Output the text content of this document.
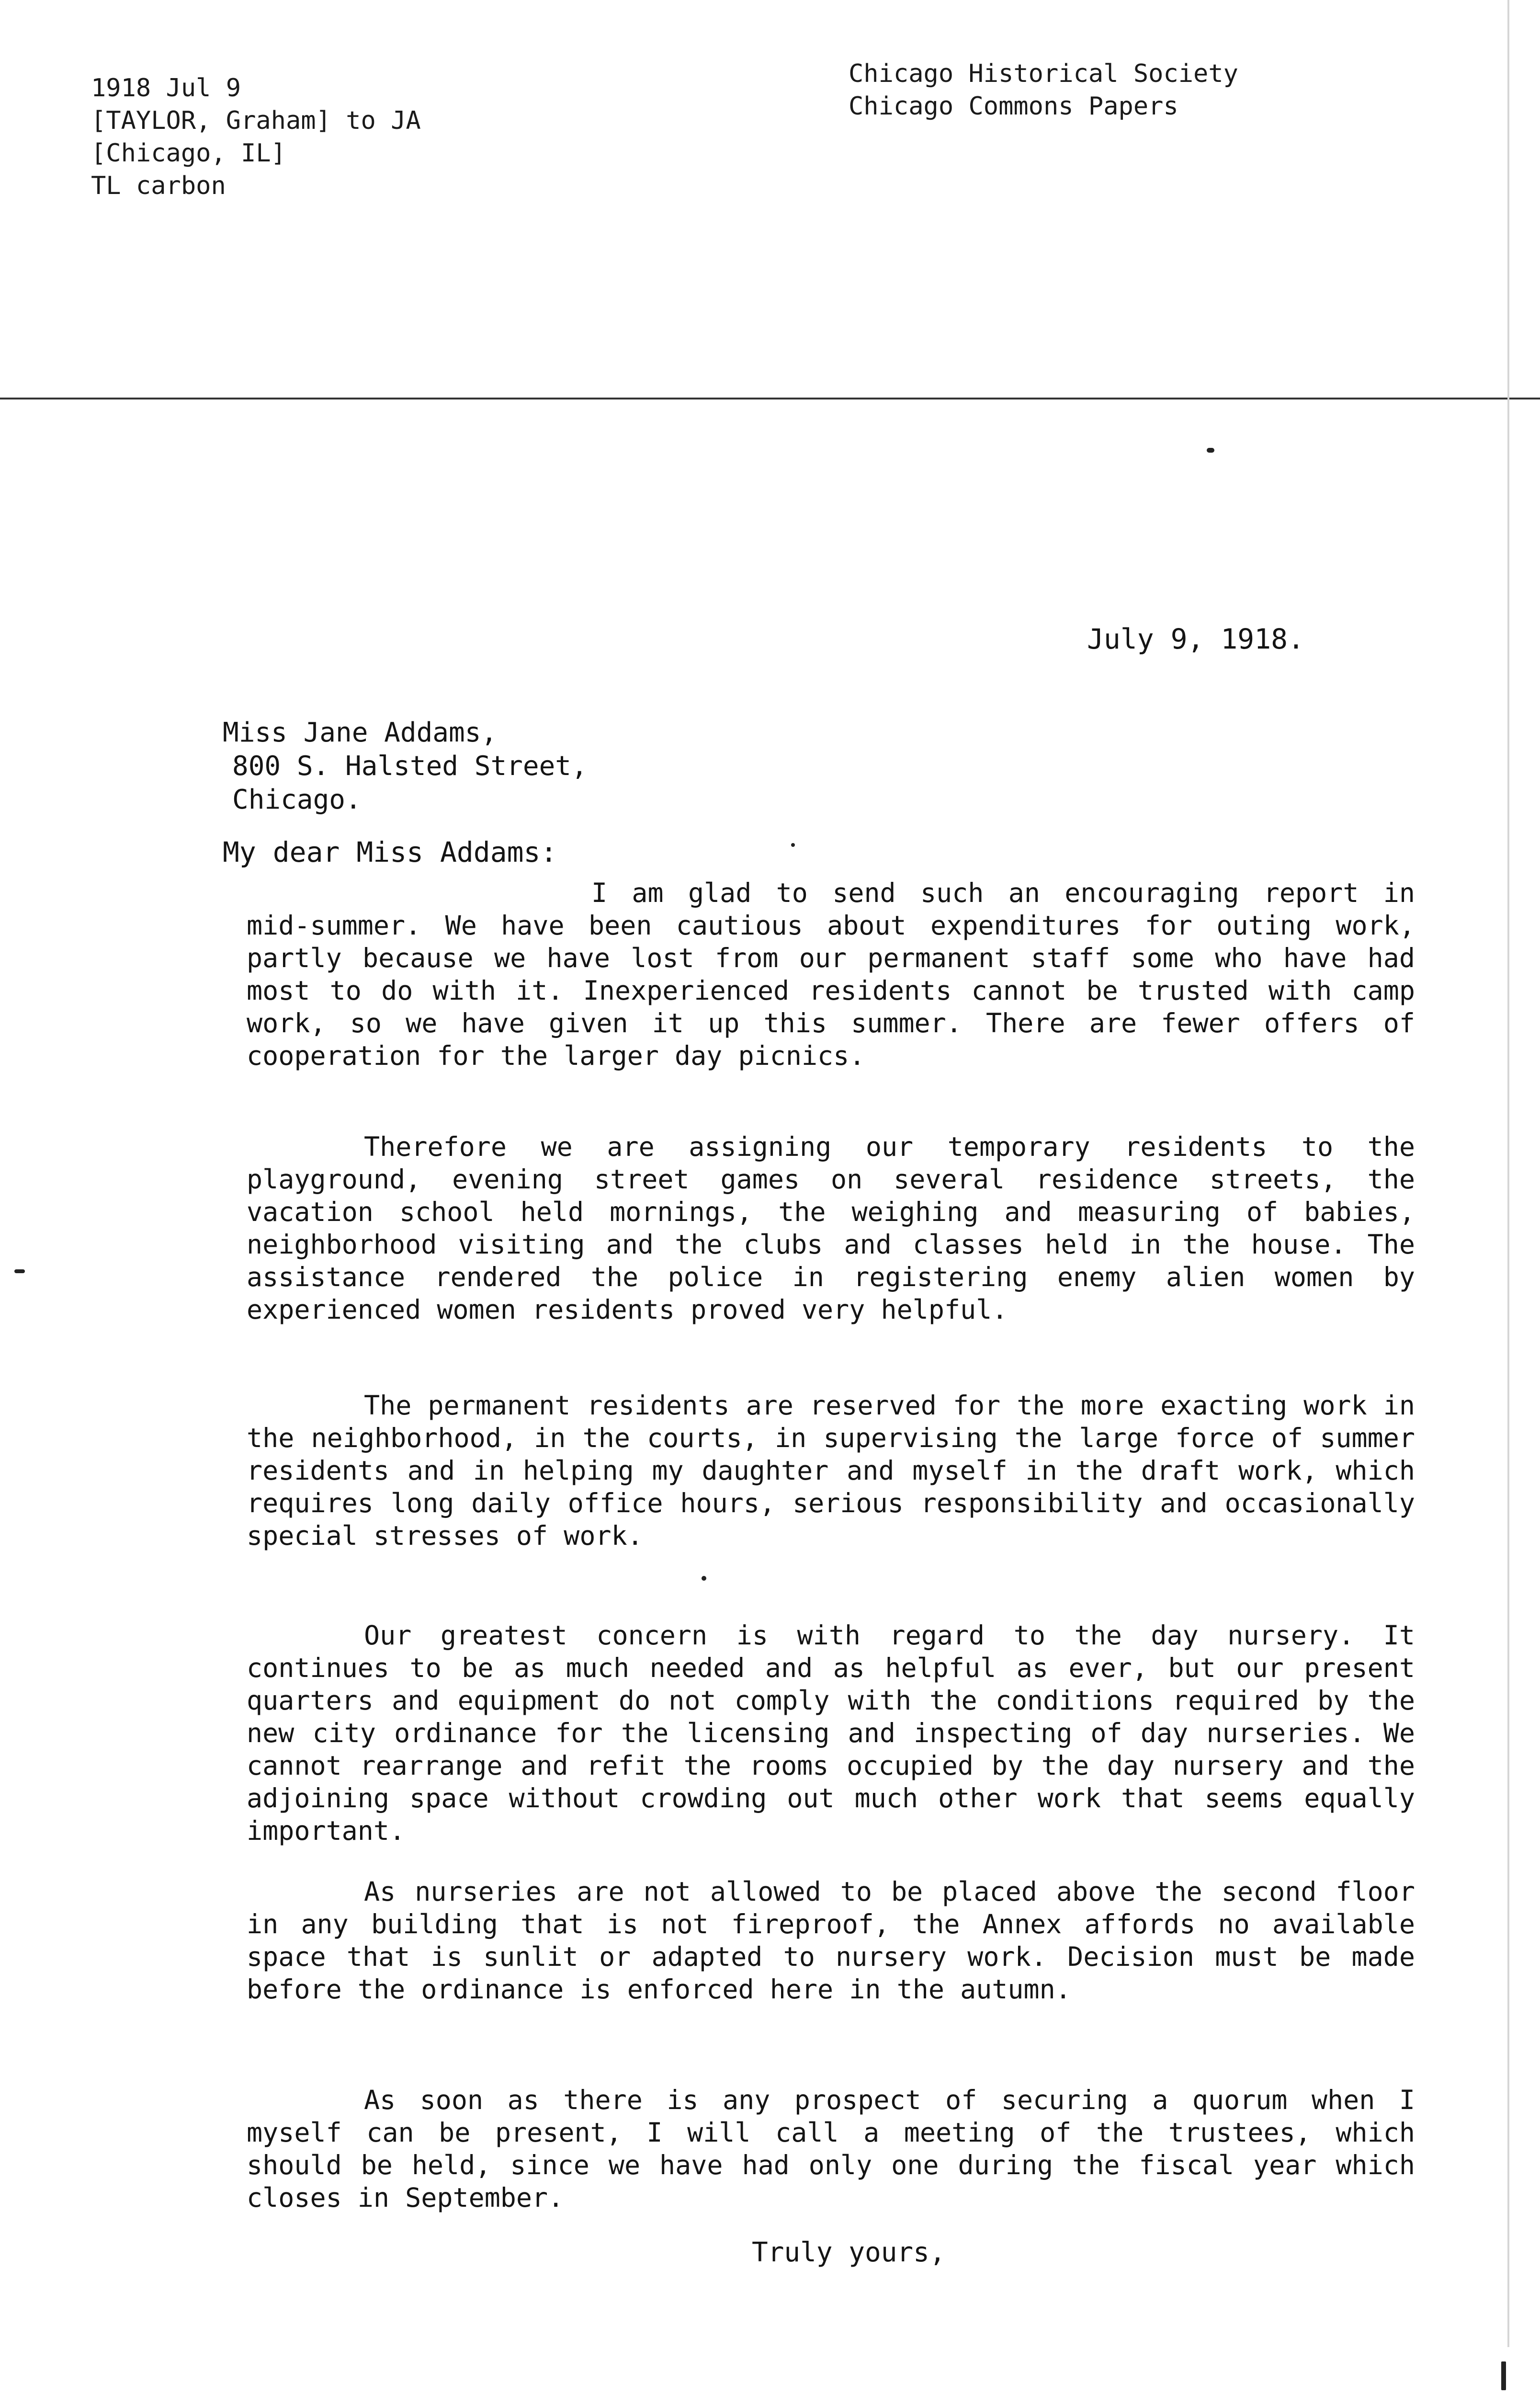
1918 Jul 9
[TAYLOR, Graham] to JA
[Chicago, IL]
TL carbon
Chicago Historical Society
Chicago Commons Papers
July 9, 1918.
Miss Jane Addams,
800 S. Halsted Street,
Chicago.
My dear Miss Addams:

I am glad to send such an encouraging report in mid-summer. We have been cautious about expenditures for outing work, partly because we have lost from our permanent staff some who have had most to do with it. Inexperienced residents cannot be trusted with camp work, so we have given it up this summer. There are fewer offers of cooperation for the larger day picnics.

Therefore we are assigning our temporary residents to the playground, evening street games on several residence streets, the vacation school held mornings, the weighing and measuring of babies, neighborhood visiting and the clubs and classes held in the house. The assistance rendered the police in registering enemy alien women by experienced women residents proved very helpful.

The permanent residents are reserved for the more exacting work in the neighborhood, in the courts, in supervising the large force of summer residents and in helping my daughter and myself in the draft work, which requires long daily office hours, serious responsibility and occasionally special stresses of work.

Our greatest concern is with regard to the day nursery. It continues to be as much needed and as helpful as ever, but our present quarters and equipment do not comply with the conditions required by the new city ordinance for the licensing and inspecting of day nurseries. We cannot rearrange and refit the rooms occupied by the day nursery and the adjoining space without crowding out much other work that seems equally important.

As nurseries are not allowed to be placed above the second floor in any building that is not fireproof, the Annex affords no available space that is sunlit or adapted to nursery work. Decision must be made before the ordinance is enforced here in the autumn.

As soon as there is any prospect of securing a quorum when I myself can be present, I will call a meeting of the trustees, which should be held, since we have had only one during the fiscal year which closes in September.

Truly yours,
